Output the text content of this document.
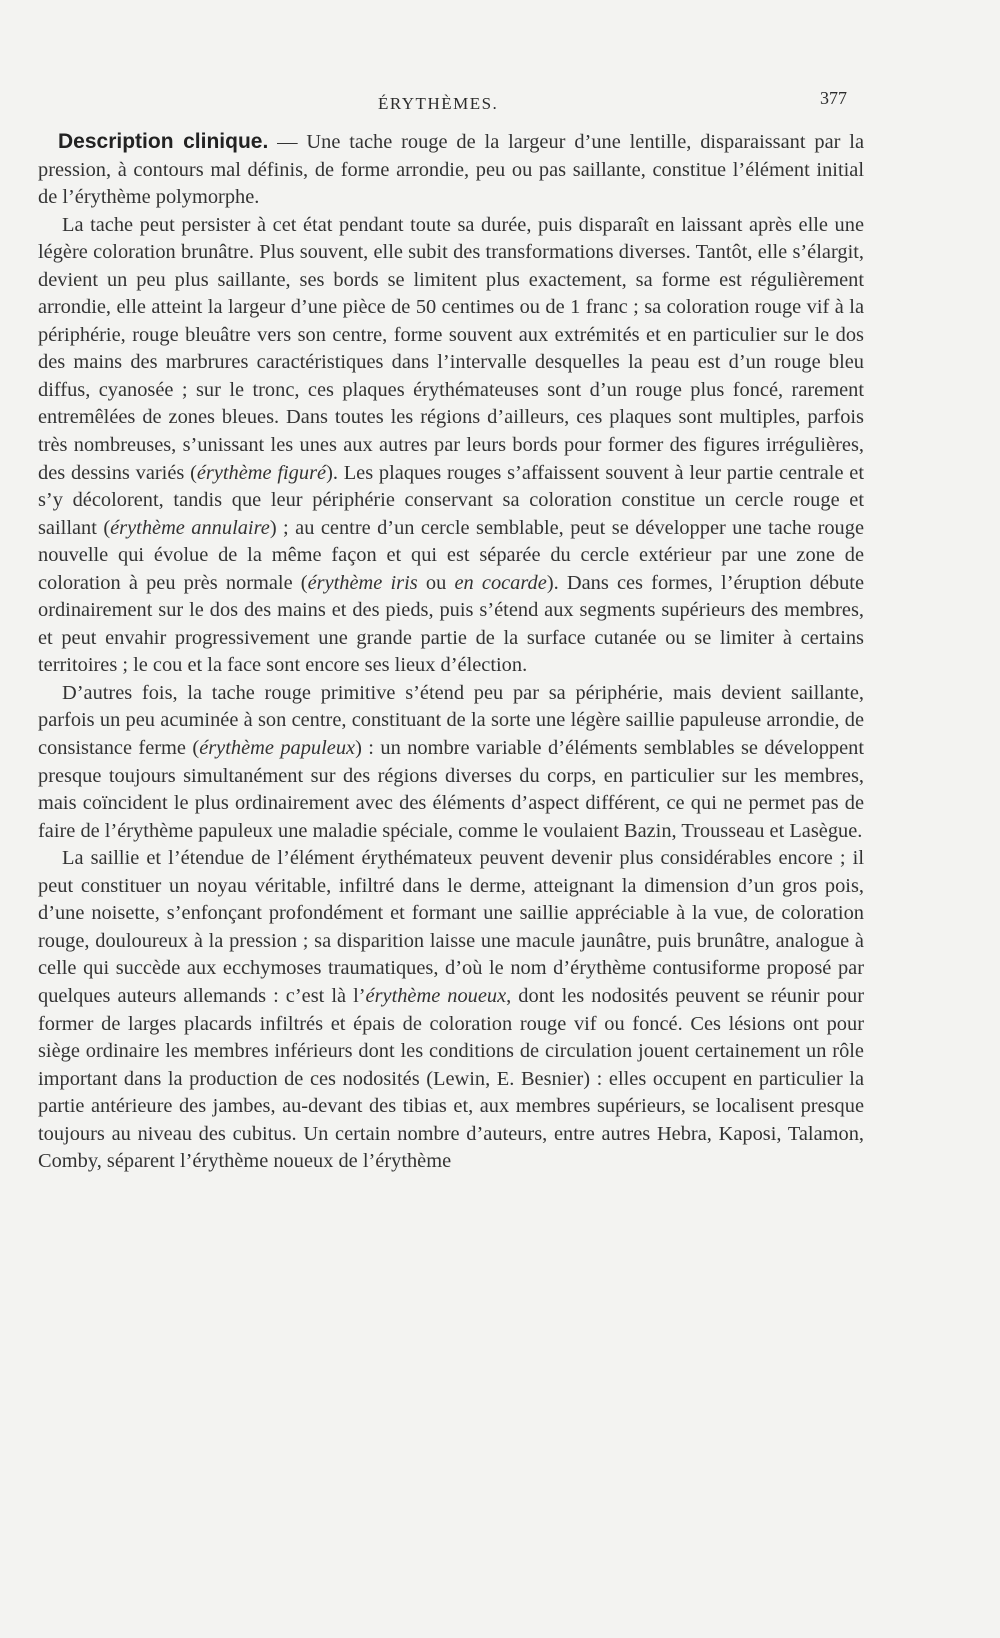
ÉRYTHÈMES.	377

Description clinique. — Une tache rouge de la largeur d’une lentille, disparaissant par la pression, à contours mal définis, de forme arrondie, peu ou pas saillante, constitue l’élément initial de l’érythème polymorphe.

La tache peut persister à cet état pendant toute sa durée, puis disparaît en laissant après elle une légère coloration brunâtre. Plus souvent, elle subit des transformations diverses. Tantôt, elle s’élargit, devient un peu plus saillante, ses bords se limitent plus exactement, sa forme est régulièrement arrondie, elle atteint la largeur d’une pièce de 50 centimes ou de 1 franc ; sa coloration rouge vif à la périphérie, rouge bleuâtre vers son centre, forme souvent aux extrémités et en particulier sur le dos des mains des marbrures caractéristiques dans l’intervalle desquelles la peau est d’un rouge bleu diffus, cyanosée ; sur le tronc, ces plaques érythémateuses sont d’un rouge plus foncé, rarement entremêlées de zones bleues. Dans toutes les régions d’ailleurs, ces plaques sont multiples, parfois très nombreuses, s’unissant les unes aux autres par leurs bords pour former des figures irrégulières, des dessins variés (érythème figuré). Les plaques rouges s’affaissent souvent à leur partie centrale et s’y décolorent, tandis que leur périphérie conservant sa coloration constitue un cercle rouge et saillant (érythème annulaire) ; au centre d’un cercle semblable, peut se développer une tache rouge nouvelle qui évolue de la même façon et qui est séparée du cercle extérieur par une zone de coloration à peu près normale (érythème iris ou en cocarde). Dans ces formes, l’éruption débute ordinairement sur le dos des mains et des pieds, puis s’étend aux segments supérieurs des membres, et peut envahir progressivement une grande partie de la surface cutanée ou se limiter à certains territoires ; le cou et la face sont encore ses lieux d’élection.

D’autres fois, la tache rouge primitive s’étend peu par sa périphérie, mais devient saillante, parfois un peu acuminée à son centre, constituant de la sorte une légère saillie papuleuse arrondie, de consistance ferme (érythème papuleux) : un nombre variable d’éléments semblables se développent presque toujours simultanément sur des régions diverses du corps, en particulier sur les membres, mais coïncident le plus ordinairement avec des éléments d’aspect différent, ce qui ne permet pas de faire de l’érythème papuleux une maladie spéciale, comme le voulaient Bazin, Trousseau et Lasègue.

La saillie et l’étendue de l’élément érythémateux peuvent devenir plus considérables encore ; il peut constituer un noyau véritable, infiltré dans le derme, atteignant la dimension d’un gros pois, d’une noisette, s’enfonçant profondément et formant une saillie appréciable à la vue, de coloration rouge, douloureux à la pression ; sa disparition laisse une macule jaunâtre, puis brunâtre, analogue à celle qui succède aux ecchymoses traumatiques, d’où le nom d’érythème contusiforme proposé par quelques auteurs allemands : c’est là l’érythème noueux, dont les nodosités peuvent se réunir pour former de larges placards infiltrés et épais de coloration rouge vif ou foncé. Ces lésions ont pour siège ordinaire les membres inférieurs dont les conditions de circulation jouent certainement un rôle important dans la production de ces nodosités (Lewin, E. Besnier) : elles occupent en particulier la partie antérieure des jambes, au-devant des tibias et, aux membres supérieurs, se localisent presque toujours au niveau des cubitus. Un certain nombre d’auteurs, entre autres Hebra, Kaposi, Talamon, Comby, séparent l’érythème noueux de l’érythème
